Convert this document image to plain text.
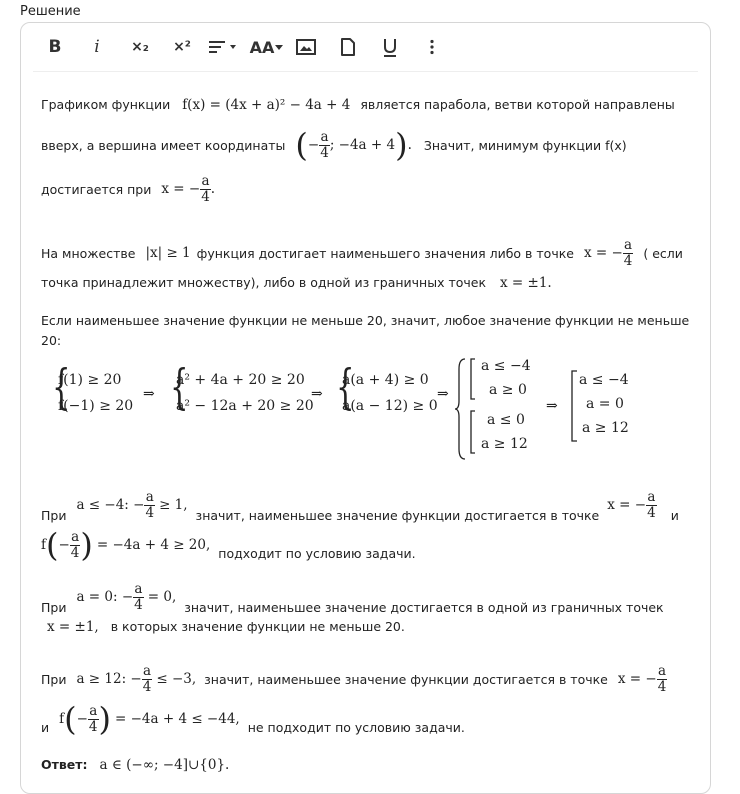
Решение
B	i	×₂ ×²	AA
Графиком функции f(x) = (4x + a)² − 4a + 4 является парабола, ветви которой направлены
вверх, а вершина имеет координаты ( − $\frac{a}{4}$ ; −4a + 4 ) . Значит, минимум функции f(x)
достигается при x = − $\frac{a}{4}$ .
На множестве |x| ≥ 1 функция достигает наименьшего значения либо в точке x = − $\frac{a}{4}$ ( если
точка принадлежит множеству), либо в одной из граничных точек x = ±1.
Если наименьшее значение функции не меньше 20, значит, любое значение функции не меньше
20:
{
f(1) ≥ 20
f(−1) ≥ 20
⇒ {
a² + 4a + 20 ≥ 20
a² − 12a + 20 ≥ 20
⇒ {
a(a + 4) ≥ 0
a(a − 12) ≥ 0
⇒
a ≤ −4
a ≥ 0
a ≤ 0
a ≥ 12
⇒
a ≤ −4
a = 0
a ≥ 12
При
a ≤ −4: − $\frac{a}{4} \ge 1$,
значит, наименьшее значение функции достигается в точке
x = − $\frac{a}{4}$ и
f ( − $\frac{a}{4}$ ) = −4a + 4 ≥ 20,
подходит по условию задачи.
При
a = 0: − $\frac{a}{4} = 0$,
значит, наименьшее значение достигается в одной из граничных точек
x = ±1, в которых значение функции не меньше 20.
При a ≥ 12: − $\frac{a}{4} \le -3$, значит, наименьшее значение функции достигается в точке x = − $\frac{a}{4}$
и
f ( − $\frac{a}{4}$ ) = −4a + 4 ≤ −44,
не подходит по условию задачи.
Ответ: a ∈ (−∞; −4]∪{0}.
